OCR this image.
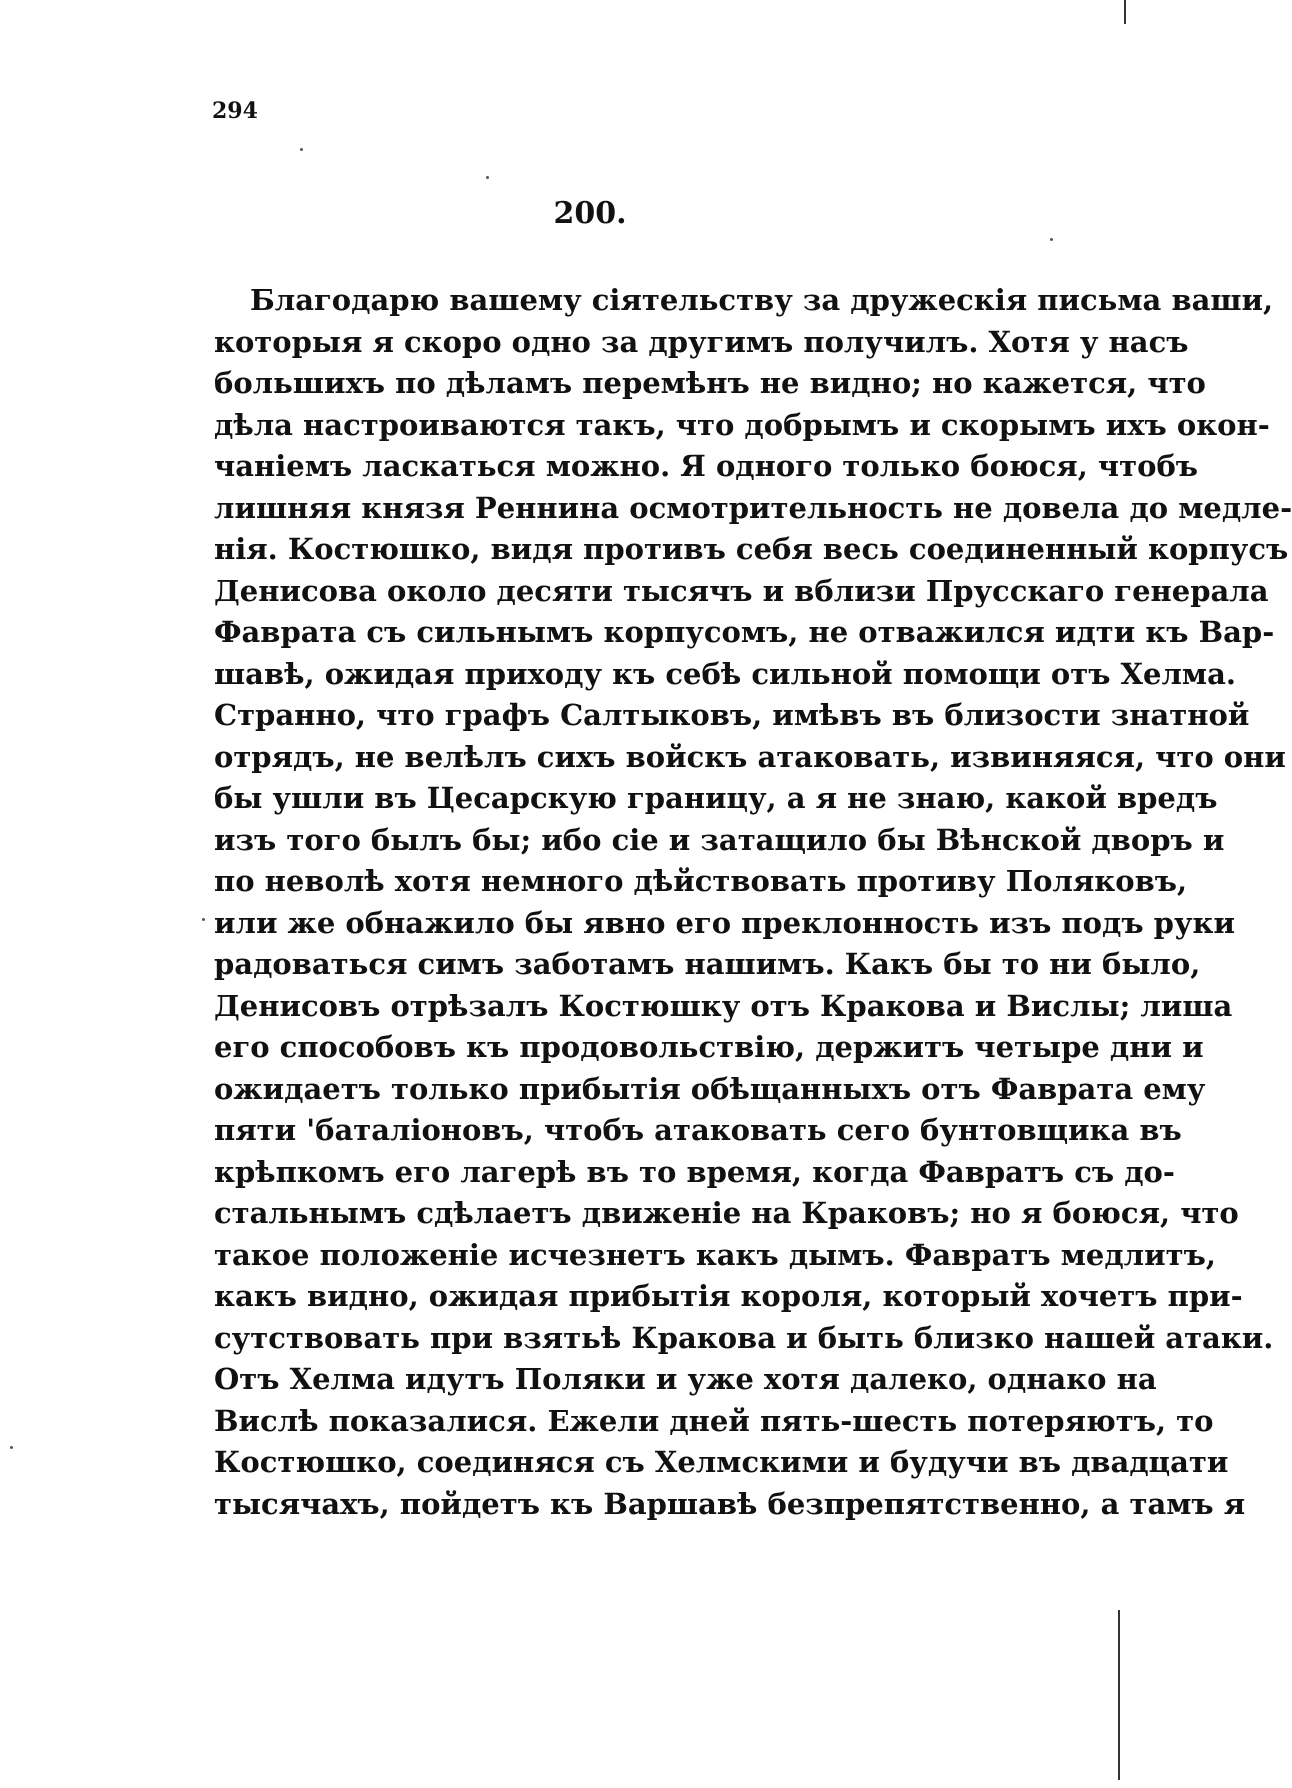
294
200.
Благодарю вашему сіятельству за дружескія письма ваши,
которыя я скоро одно за другимъ получилъ. Хотя у насъ
большихъ по дѣламъ перемѣнъ не видно; но кажется, что
дѣла настроиваются такъ, что добрымъ и скорымъ ихъ окон-
чаніемъ ласкаться можно. Я одного только боюся, чтобъ
лишняя князя Реннина осмотрительность не довела до медле-
нія. Костюшко, видя противъ себя весь соединенный корпусъ
Денисова около десяти тысячъ и вблизи Прусскаго генерала
Фаврата съ сильнымъ корпусомъ, не отважился идти къ Вар-
шавѣ, ожидая приходу къ себѣ сильной помощи отъ Хелма.
Странно, что графъ Салтыковъ, имѣвъ въ близости знатной
отрядъ, не велѣлъ сихъ войскъ атаковать, извиняяся, что они
бы ушли въ Цесарскую границу, а я не знаю, какой вредъ
изъ того былъ бы; ибо сіе и затащило бы Вѣнской дворъ и
по неволѣ хотя немного дѣйствовать противу Поляковъ,
или же обнажило бы явно его преклонность изъ подъ руки
радоваться симъ заботамъ нашимъ. Какъ бы то ни было,
Денисовъ отрѣзалъ Костюшку отъ Кракова и Вислы; лиша
его способовъ къ продовольствію, держитъ четыре дни и
ожидаетъ только прибытія обѣщанныхъ отъ Фаврата ему
пяти 'баталіоновъ, чтобъ атаковать сего бунтовщика въ
крѣпкомъ его лагерѣ въ то время, когда Фавратъ съ до-
стальнымъ сдѣлаетъ движеніе на Краковъ; но я боюся, что
такое положеніе исчезнетъ какъ дымъ. Фавратъ медлитъ,
какъ видно, ожидая прибытія короля, который хочетъ при-
сутствовать при взятьѣ Кракова и быть близко нашей атаки.
Отъ Хелма идутъ Поляки и уже хотя далеко, однако на
Вислѣ показалися. Ежели дней пять-шесть потеряютъ, то
Костюшко, соединяся съ Хелмскими и будучи въ двадцати
тысячахъ, пойдетъ къ Варшавѣ безпрепятственно, а тамъ я
